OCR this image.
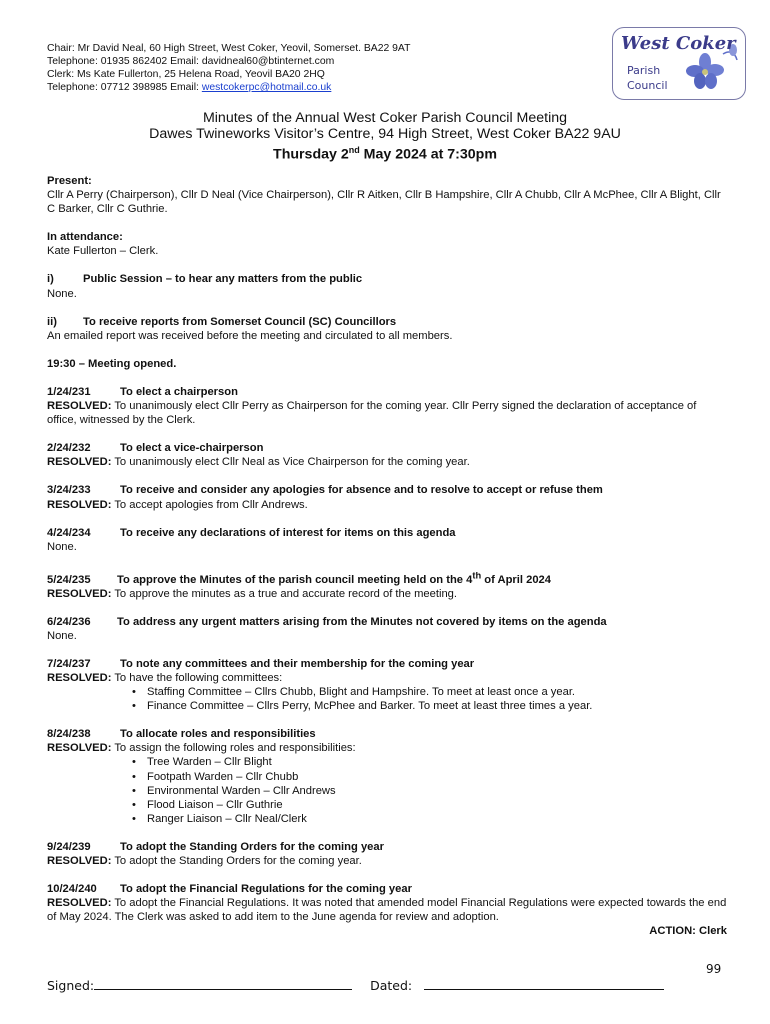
Chair: Mr David Neal, 60 High Street, West Coker, Yeovil, Somerset. BA22 9AT
Telephone: 01935 862402 Email: davidneal60@btinternet.com
Clerk: Ms Kate Fullerton, 25 Helena Road, Yeovil BA20 2HQ
Telephone: 07712 398985 Email: westcokerpc@hotmail.co.uk
West Coker
Parish
Council
Minutes of the Annual West Coker Parish Council Meeting
Dawes Twineworks Visitor’s Centre, 94 High Street, West Coker BA22 9AU
Thursday 2nd May 2024 at 7:30pm

Present:

Cllr A Perry (Chairperson), Cllr D Neal (Vice Chairperson), Cllr R Aitken, Cllr B Hampshire, Cllr A Chubb, Cllr A McPhee, Cllr A Blight, Cllr C Barker, Cllr C Guthrie.

In attendance:

Kate Fullerton – Clerk.

i)	Public Session – to hear any matters from the public

None.

ii) To receive reports from Somerset Council (SC) Councillors

An emailed report was received before the meeting and circulated to all members.

19:30 – Meeting opened.

1/24/231	To elect a chairperson

RESOLVED: To unanimously elect Cllr Perry as Chairperson for the coming year. Cllr Perry signed the declaration of acceptance of office, witnessed by the Clerk.

2/24/232	To elect a vice-chairperson

RESOLVED: To unanimously elect Cllr Neal as Vice Chairperson for the coming year.

3/24/233	To receive and consider any apologies for absence and to resolve to accept or refuse them

RESOLVED: To accept apologies from Cllr Andrews.

4/24/234	To receive any declarations of interest for items on this agenda

None.

5/24/235 To approve the Minutes of the parish council meeting held on the 4th of April 2024

RESOLVED: To approve the minutes as a true and accurate record of the meeting.

6/24/236 To address any urgent matters arising from the Minutes not covered by items on the agenda

None.

7/24/237	To note any committees and their membership for the coming year

RESOLVED: To have the following committees:

• Staffing Committee – Cllrs Chubb, Blight and Hampshire. To meet at least once a year.
• Finance Committee – Cllrs Perry, McPhee and Barker. To meet at least three times a year.

8/24/238	To allocate roles and responsibilities

RESOLVED: To assign the following roles and responsibilities:

• Tree Warden – Cllr Blight
• Footpath Warden – Cllr Chubb
• Environmental Warden – Cllr Andrews
• Flood Liaison – Cllr Guthrie
• Ranger Liaison – Cllr Neal/Clerk

9/24/239	To adopt the Standing Orders for the coming year

RESOLVED: To adopt the Standing Orders for the coming year.

10/24/240 To adopt the Financial Regulations for the coming year

RESOLVED: To adopt the Financial Regulations. It was noted that amended model Financial Regulations were expected towards the end of May 2024. The Clerk was asked to add item to the June agenda for review and adoption.

ACTION: Clerk

99
Signed:	Dated:
